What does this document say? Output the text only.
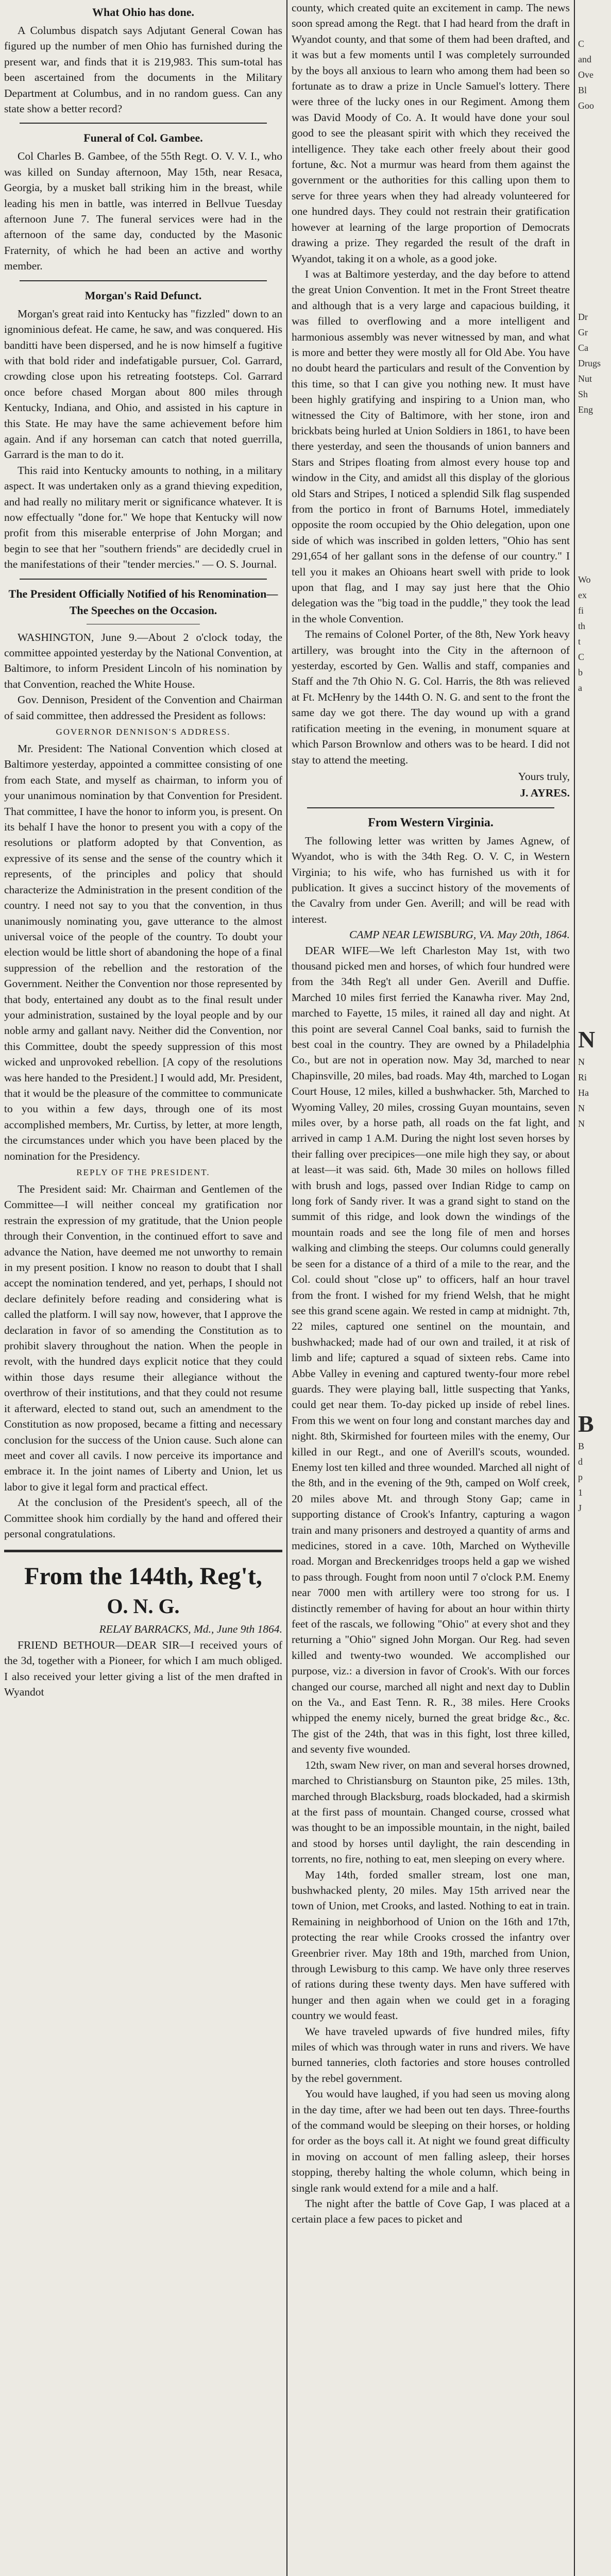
What Ohio has done.

A Columbus dispatch says Adjutant General Cowan has figured up the number of men Ohio has furnished during the present war, and finds that it is 219,983. This sum-total has been ascertained from the documents in the Military Department at Columbus, and in no random guess. Can any state show a better record?

Funeral of Col. Gambee.

Col Charles B. Gambee, of the 55th Regt. O. V. V. I., who was killed on Sunday afternoon, May 15th, near Resaca, Georgia, by a musket ball striking him in the breast, while leading his men in battle, was interred in Bellvue Tuesday afternoon June 7. The funeral services were had in the afternoon of the same day, conducted by the Masonic Fraternity, of which he had been an active and worthy member.

Morgan's Raid Defunct.

Morgan's great raid into Kentucky has "fizzled" down to an ignominious defeat. He came, he saw, and was conquered. His banditti have been dispersed, and he is now himself a fugitive with that bold rider and indefatigable pursuer, Col. Garrard, crowding close upon his retreating footsteps. Col. Garrard once before chased Morgan about 800 miles through Kentucky, Indiana, and Ohio, and assisted in his capture in this State. He may have the same achievement before him again. And if any horseman can catch that noted guerrilla, Garrard is the man to do it.

This raid into Kentucky amounts to nothing, in a military aspect. It was undertaken only as a grand thieving expedition, and had really no military merit or significance whatever. It is now effectually "done for." We hope that Kentucky will now profit from this miserable enterprise of John Morgan; and begin to see that her "southern friends" are decidedly cruel in the manifestations of their "tender mercies." — O. S. Journal.

The President Officially Notified of his Renomination—The Speeches on the Occasion.

WASHINGTON, June 9.—About 2 o'clock today, the committee appointed yesterday by the National Convention, at Baltimore, to inform President Lincoln of his nomination by that Convention, reached the White House.

Gov. Dennison, President of the Convention and Chairman of said committee, then addressed the President as follows:

GOVERNOR DENNISON'S ADDRESS.

Mr. President: The National Convention which closed at Baltimore yesterday, appointed a committee consisting of one from each State, and myself as chairman, to inform you of your unanimous nomination by that Convention for President. That committee, I have the honor to inform you, is present. On its behalf I have the honor to present you with a copy of the resolutions or platform adopted by that Convention, as expressive of its sense and the sense of the country which it represents, of the principles and policy that should characterize the Administration in the present condition of the country. I need not say to you that the convention, in thus unanimously nominating you, gave utterance to the almost universal voice of the people of the country. To doubt your election would be little short of abandoning the hope of a final suppression of the rebellion and the restoration of the Government. Neither the Convention nor those represented by that body, entertained any doubt as to the final result under your administration, sustained by the loyal people and by our noble army and gallant navy. Neither did the Convention, nor this Committee, doubt the speedy suppression of this most wicked and unprovoked rebellion. [A copy of the resolutions was here handed to the President.] I would add, Mr. President, that it would be the pleasure of the committee to communicate to you within a few days, through one of its most accomplished members, Mr. Curtiss, by letter, at more length, the circumstances under which you have been placed by the nomination for the Presidency.

REPLY OF THE PRESIDENT.

The President said: Mr. Chairman and Gentlemen of the Committee—I will neither conceal my gratification nor restrain the expression of my gratitude, that the Union people through their Convention, in the continued effort to save and advance the Nation, have deemed me not unworthy to remain in my present position. I know no reason to doubt that I shall accept the nomination tendered, and yet, perhaps, I should not declare definitely before reading and considering what is called the platform. I will say now, however, that I approve the declaration in favor of so amending the Constitution as to prohibit slavery throughout the nation. When the people in revolt, with the hundred days explicit notice that they could within those days resume their allegiance without the overthrow of their institutions, and that they could not resume it afterward, elected to stand out, such an amendment to the Constitution as now proposed, became a fitting and necessary conclusion for the success of the Union cause. Such alone can meet and cover all cavils. I now perceive its importance and embrace it. In the joint names of Liberty and Union, let us labor to give it legal form and practical effect.

At the conclusion of the President's speech, all of the Committee shook him cordially by the hand and offered their personal congratulations.

From the 144th, Reg't,
O. N. G.

RELAY BARRACKS, Md., June 9th 1864.

FRIEND BETHOUR—DEAR SIR—I received yours of the 3d, together with a Pioneer, for which I am much obliged. I also received your letter giving a list of the men drafted in Wyandot

county, which created quite an excitement in camp. The news soon spread among the Regt. that I had heard from the draft in Wyandot county, and that some of them had been drafted, and it was but a few moments until I was completely surrounded by the boys all anxious to learn who among them had been so fortunate as to draw a prize in Uncle Samuel's lottery. There were three of the lucky ones in our Regiment. Among them was David Moody of Co. A. It would have done your soul good to see the pleasant spirit with which they received the intelligence. They take each other freely about their good fortune, &c. Not a murmur was heard from them against the government or the authorities for this calling upon them to serve for three years when they had already volunteered for one hundred days. They could not restrain their gratification however at learning of the large proportion of Democrats drawing a prize. They regarded the result of the draft in Wyandot, taking it on a whole, as a good joke.

I was at Baltimore yesterday, and the day before to attend the great Union Convention. It met in the Front Street theatre and although that is a very large and capacious building, it was filled to overflowing and a more intelligent and harmonious assembly was never witnessed by man, and what is more and better they were mostly all for Old Abe. You have no doubt heard the particulars and result of the Convention by this time, so that I can give you nothing new. It must have been highly gratifying and inspiring to a Union man, who witnessed the City of Baltimore, with her stone, iron and brickbats being hurled at Union Soldiers in 1861, to have been there yesterday, and seen the thousands of union banners and Stars and Stripes floating from almost every house top and window in the City, and amidst all this display of the glorious old Stars and Stripes, I noticed a splendid Silk flag suspended from the portico in front of Barnums Hotel, immediately opposite the room occupied by the Ohio delegation, upon one side of which was inscribed in golden letters, "Ohio has sent 291,654 of her gallant sons in the defense of our country." I tell you it makes an Ohioans heart swell with pride to look upon that flag, and I may say just here that the Ohio delegation was the "big toad in the puddle," they took the lead in the whole Convention.

The remains of Colonel Porter, of the 8th, New York heavy artillery, was brought into the City in the afternoon of yesterday, escorted by Gen. Wallis and staff, companies and Staff and the 7th Ohio N. G. Col. Harris, the 8th was relieved at Ft. McHenry by the 144th O. N. G. and sent to the front the same day we got there. The day wound up with a grand ratification meeting in the evening, in monument square at which Parson Brownlow and others was to be heard. I did not stay to attend the meeting.

Yours truly,

J. AYRES.

From Western Virginia.

The following letter was written by James Agnew, of Wyandot, who is with the 34th Reg. O. V. C, in Western Virginia; to his wife, who has furnished us with it for publication. It gives a succinct history of the movements of the Cavalry from under Gen. Averill; and will be read with interest.

CAMP NEAR LEWISBURG, VA. May 20th, 1864.

DEAR WIFE—We left Charleston May 1st, with two thousand picked men and horses, of which four hundred were from the 34th Reg't all under Gen. Averill and Duffie. Marched 10 miles first ferried the Kanawha river. May 2nd, marched to Fayette, 15 miles, it rained all day and night. At this point are several Cannel Coal banks, said to furnish the best coal in the country. They are owned by a Philadelphia Co., but are not in operation now. May 3d, marched to near Chapinsville, 20 miles, bad roads. May 4th, marched to Logan Court House, 12 miles, killed a bushwhacker. 5th, Marched to Wyoming Valley, 20 miles, crossing Guyan mountains, seven miles over, by a horse path, all roads on the fat light, and arrived in camp 1 A.M. During the night lost seven horses by their falling over precipices—one mile high they say, or about at least—it was said. 6th, Made 30 miles on hollows filled with brush and logs, passed over Indian Ridge to camp on long fork of Sandy river. It was a grand sight to stand on the summit of this ridge, and look down the windings of the mountain roads and see the long file of men and horses walking and climbing the steeps. Our columns could generally be seen for a distance of a third of a mile to the rear, and the Col. could shout "close up" to officers, half an hour travel from the front. I wished for my friend Welsh, that he might see this grand scene again. We rested in camp at midnight. 7th, 22 miles, captured one sentinel on the mountain, and bushwhacked; made had of our own and trailed, it at risk of limb and life; captured a squad of sixteen rebs. Came into Abbe Valley in evening and captured twenty-four more rebel guards. They were playing ball, little suspecting that Yanks, could get near them. To-day picked up inside of rebel lines. From this we went on four long and constant marches day and night. 8th, Skirmished for fourteen miles with the enemy, Our killed in our Regt., and one of Averill's scouts, wounded. Enemy lost ten killed and three wounded. Marched all night of the 8th, and in the evening of the 9th, camped on Wolf creek, 20 miles above Mt. and through Stony Gap; came in supporting distance of Crook's Infantry, capturing a wagon train and many prisoners and destroyed a quantity of arms and medicines, stored in a cave. 10th, Marched on Wytheville road. Morgan and Breckenridges troops held a gap we wished to pass through. Fought from noon until 7 o'clock P.M. Enemy near 7000 men with artillery were too strong for us. I distinctly remember of having for about an hour within thirty feet of the rascals, we following "Ohio" at every shot and they returning a "Ohio" signed John Morgan. Our Reg. had seven killed and twenty-two wounded. We accomplished our purpose, viz.: a diversion in favor of Crook's. With our forces changed our course, marched all night and next day to Dublin on the Va., and East Tenn. R. R., 38 miles. Here Crooks whipped the enemy nicely, burned the great bridge &c., &c. The gist of the 24th, that was in this fight, lost three killed, and seventy five wounded.

12th, swam New river, on man and several horses drowned, marched to Christiansburg on Staunton pike, 25 miles. 13th, marched through Blacksburg, roads blockaded, had a skirmish at the first pass of mountain. Changed course, crossed what was thought to be an impossible mountain, in the night, bailed and stood by horses until daylight, the rain descending in torrents, no fire, nothing to eat, men sleeping on every where.

May 14th, forded smaller stream, lost one man, bushwhacked plenty, 20 miles. May 15th arrived near the town of Union, met Crooks, and lasted. Nothing to eat in train. Remaining in neighborhood of Union on the 16th and 17th, protecting the rear while Crooks crossed the infantry over Greenbrier river. May 18th and 19th, marched from Union, through Lewisburg to this camp. We have only three reserves of rations during these twenty days. Men have suffered with hunger and then again when we could get in a foraging country we would feast.

We have traveled upwards of five hundred miles, fifty miles of which was through water in runs and rivers. We have burned tanneries, cloth factories and store houses controlled by the rebel government.

You would have laughed, if you had seen us moving along in the day time, after we had been out ten days. Three-fourths of the command would be sleeping on their horses, or holding for order as the boys call it. At night we found great difficulty in moving on account of men falling asleep, their horses stopping, thereby halting the whole column, which being in single rank would extend for a mile and a half.

The night after the battle of Cove Gap, I was placed at a certain place a few paces to picket and

C
and
Ove
Bl
Goo
Dr
Gr
Ca
Drugs
Nut
Sh
Eng
Wo
ex
fi
th
t
C
b
a
N
N
Ri
Ha
N
N
B
B
d
p
1
J
